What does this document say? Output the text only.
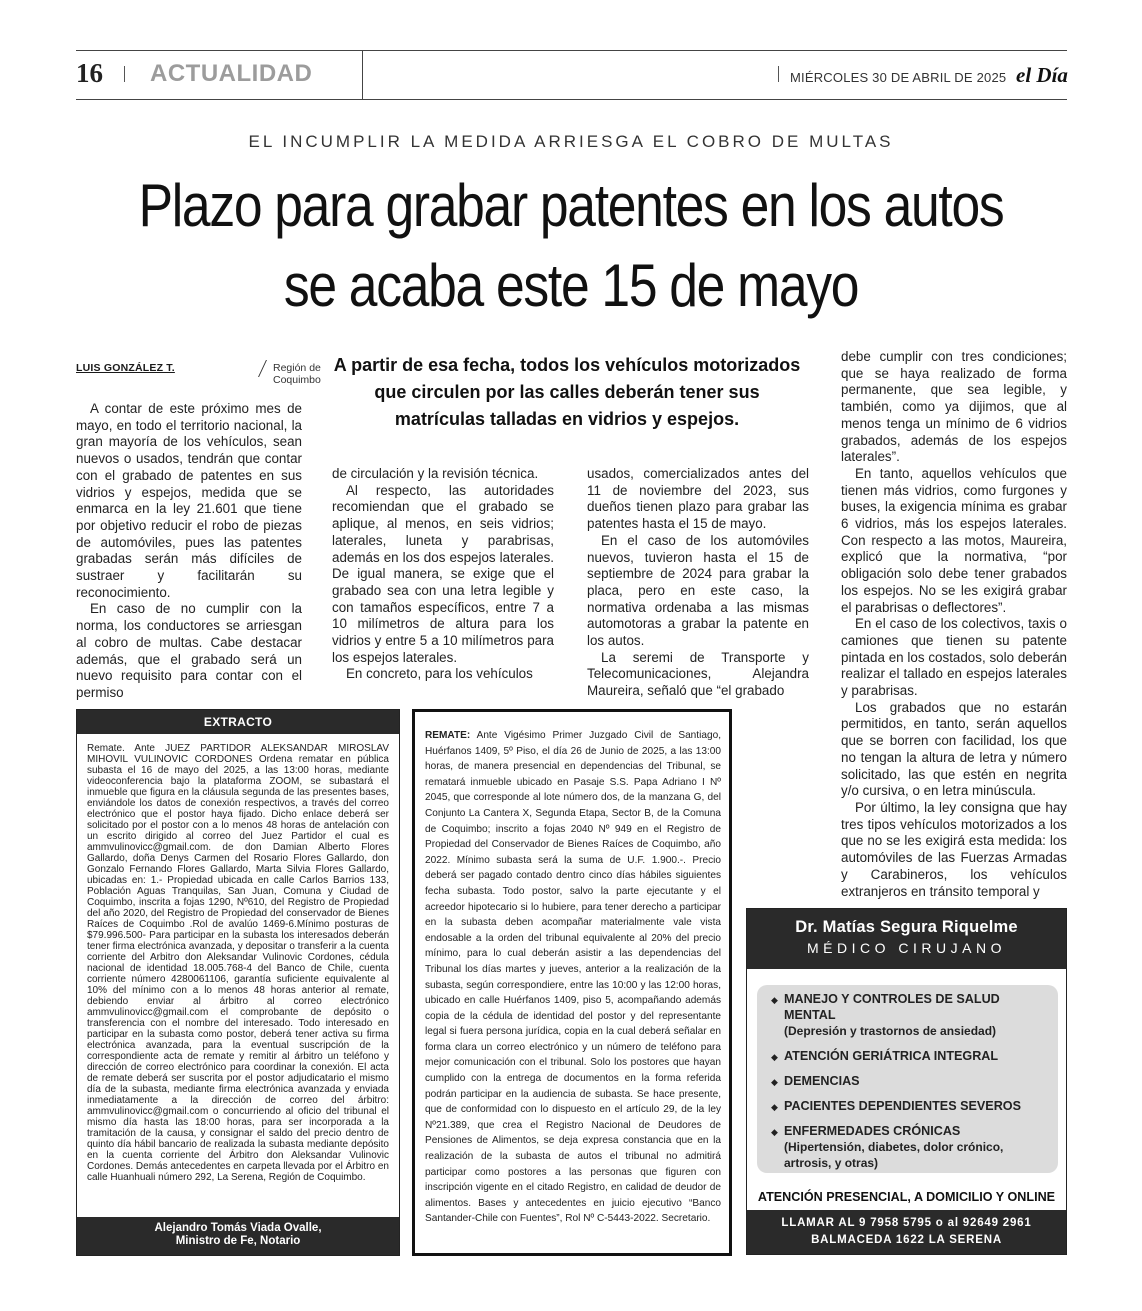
16 ACTUALIDAD	MIÉRCOLES 30 DE ABRIL DE 2025 el Día
EL INCUMPLIR LA MEDIDA ARRIESGA EL COBRO DE MULTAS
Plazo para grabar patentes en los autos se acaba este 15 de mayo
LUIS GONZÁLEZ T.	Región de Coquimbo
A partir de esa fecha, todos los vehículos motorizados que circulen por las calles deberán tener sus matrículas talladas en vidrios y espejos.

A contar de este próximo mes de mayo, en todo el territorio nacional, la gran mayoría de los vehículos, sean nuevos o usados, tendrán que contar con el grabado de patentes en sus vidrios y espejos, medida que se enmarca en la ley 21.601 que tiene por objetivo reducir el robo de piezas de automóviles, pues las patentes grabadas serán más difíciles de sustraer y facilitarán su reconocimiento.

En caso de no cumplir con la norma, los conductores se arriesgan al cobro de multas. Cabe destacar además, que el grabado será un nuevo requisito para contar con el permiso

de circulación y la revisión técnica.

Al respecto, las autoridades recomiendan que el grabado se aplique, al menos, en seis vidrios; laterales, luneta y parabrisas, además en los dos espejos laterales. De igual manera, se exige que el grabado sea con una letra legible y con tamaños específicos, entre 7 a 10 milímetros de altura para los vidrios y entre 5 a 10 milímetros para los espejos laterales.

En concreto, para los vehículos

usados, comercializados antes del 11 de noviembre del 2023, sus dueños tienen plazo para grabar las patentes hasta el 15 de mayo.

En el caso de los automóviles nuevos, tuvieron hasta el 15 de septiembre de 2024 para grabar la placa, pero en este caso, la normativa ordenaba a las mismas automotoras a grabar la patente en los autos.

La seremi de Transporte y Telecomunicaciones, Alejandra Maureira, señaló que “el grabado

debe cumplir con tres condiciones; que se haya realizado de forma permanente, que sea legible, y también, como ya dijimos, que al menos tenga un mínimo de 6 vidrios grabados, además de los espejos laterales”.

En tanto, aquellos vehículos que tienen más vidrios, como furgones y buses, la exigencia mínima es grabar 6 vidrios, más los espejos laterales. Con respecto a las motos, Maureira, explicó que la normativa, “por obligación solo debe tener grabados los espejos. No se les exigirá grabar el parabrisas o deflectores”.

En el caso de los colectivos, taxis o camiones que tienen su patente pintada en los costados, solo deberán realizar el tallado en espejos laterales y parabrisas.

Los grabados que no estarán permitidos, en tanto, serán aquellos que se borren con facilidad, los que no tengan la altura de letra y número solicitado, las que estén en negrita y/o cursiva, o en letra minúscula.

Por último, la ley consigna que hay tres tipos vehículos motorizados a los que no se les exigirá esta medida: los automóviles de las Fuerzas Armadas y Carabineros, los vehículos extranjeros en tránsito temporal y

EXTRACTO
Remate. Ante JUEZ PARTIDOR ALEKSANDAR MIROSLAV MIHOVIL VULINOVIC CORDONES Ordena rematar en pública subasta el 16 de mayo del 2025, a las 13:00 horas, mediante videoconferencia bajo la plataforma ZOOM, se subastará el inmueble que figura en la cláusula segunda de las presentes bases, enviándole los datos de conexión respectivos, a través del correo electrónico que el postor haya fijado. Dicho enlace deberá ser solicitado por el postor con a lo menos 48 horas de antelación con un escrito dirigido al correo del Juez Partidor el cual es ammvulinovicc@gmail.com. de don Damian Alberto Flores Gallardo, doña Denys Carmen del Rosario Flores Gallardo, don Gonzalo Fernando Flores Gallardo, Marta Silvia Flores Gallardo, ubicadas en: 1.- Propiedad ubicada en calle Carlos Barrios 133, Población Aguas Tranquilas, San Juan, Comuna y Ciudad de Coquimbo, inscrita a fojas 1290, Nº610, del Registro de Propiedad del año 2020, del Registro de Propiedad del conservador de Bienes Raíces de Coquimbo .Rol de avalúo 1469-6.Mínimo posturas de $79.996.500- Para participar en la subasta los interesados deberán tener firma electrónica avanzada, y depositar o transferir a la cuenta corriente del Arbitro don Aleksandar Vulinovic Cordones, cédula nacional de identidad 18.005.768-4 del Banco de Chile, cuenta corriente número 4280061106, garantía suficiente equivalente al 10% del mínimo con a lo menos 48 horas anterior al remate, debiendo enviar al árbitro al correo electrónico ammvulinovicc@gmail.com el comprobante de depósito o transferencia con el nombre del interesado. Todo interesado en participar en la subasta como postor, deberá tener activa su firma electrónica avanzada, para la eventual suscripción de la correspondiente acta de remate y remitir al árbitro un teléfono y dirección de correo electrónico para coordinar la conexión. El acta de remate deberá ser suscrita por el postor adjudicatario el mismo día de la subasta, mediante firma electrónica avanzada y enviada inmediatamente a la dirección de correo del árbitro: ammvulinovicc@gmail.com o concurriendo al oficio del tribunal el mismo día hasta las 18:00 horas, para ser incorporada a la tramitación de la causa, y consignar el saldo del precio dentro de quinto día hábil bancario de realizada la subasta mediante depósito en la cuenta corriente del Árbitro don Aleksandar Vulinovic Cordones. Demás antecedentes en carpeta llevada por el Árbitro en calle Huanhuali número 292, La Serena, Región de Coquimbo.
Alejandro Tomás Viada Ovalle,
Ministro de Fe, Notario
REMATE: Ante Vigésimo Primer Juzgado Civil de Santiago, Huérfanos 1409, 5º Piso, el día 26 de Junio de 2025, a las 13:00 horas, de manera presencial en dependencias del Tribunal, se rematará inmueble ubicado en Pasaje S.S. Papa Adriano I Nº 2045, que corresponde al lote número dos, de la manzana G, del Conjunto La Cantera X, Segunda Etapa, Sector B, de la Comuna de Coquimbo; inscrito a fojas 2040 Nº 949 en el Registro de Propiedad del Conservador de Bienes Raíces de Coquimbo, año 2022. Mínimo subasta será la suma de U.F. 1.900.-. Precio deberá ser pagado contado dentro cinco días hábiles siguientes fecha subasta. Todo postor, salvo la parte ejecutante y el acreedor hipotecario si lo hubiere, para tener derecho a participar en la subasta deben acompañar materialmente vale vista endosable a la orden del tribunal equivalente al 20% del precio mínimo, para lo cual deberán asistir a las dependencias del Tribunal los días martes y jueves, anterior a la realización de la subasta, según correspondiere, entre las 10:00 y las 12:00 horas, ubicado en calle Huérfanos 1409, piso 5, acompañando además copia de la cédula de identidad del postor y del representante legal si fuera persona jurídica, copia en la cual deberá señalar en forma clara un correo electrónico y un número de teléfono para mejor comunicación con el tribunal. Solo los postores que hayan cumplido con la entrega de documentos en la forma referida podrán participar en la audiencia de subasta. Se hace presente, que de conformidad con lo dispuesto en el artículo 29, de la ley Nº21.389, que crea el Registro Nacional de Deudores de Pensiones de Alimentos, se deja expresa constancia que en la realización de la subasta de autos el tribunal no admitirá participar como postores a las personas que figuren con inscripción vigente en el citado Registro, en calidad de deudor de alimentos. Bases y antecedentes en juicio ejecutivo “Banco Santander-Chile con Fuentes”, Rol Nº C-5443-2022. Secretario.
Dr. Matías Segura Riquelme
MÉDICO CIRUJANO
◆ MANEJO Y CONTROLES DE SALUD MENTAL
(Depresión y trastornos de ansiedad)
◆ ATENCIÓN GERIÁTRICA INTEGRAL
◆ DEMENCIAS
◆ PACIENTES DEPENDIENTES SEVEROS
◆ ENFERMEDADES CRÓNICAS
(Hipertensión, diabetes, dolor crónico, artrosis, y otras)
ATENCIÓN PRESENCIAL, A DOMICILIO Y ONLINE
LLAMAR AL 9 7958 5795 o al 92649 2961
BALMACEDA 1622 LA SERENA
